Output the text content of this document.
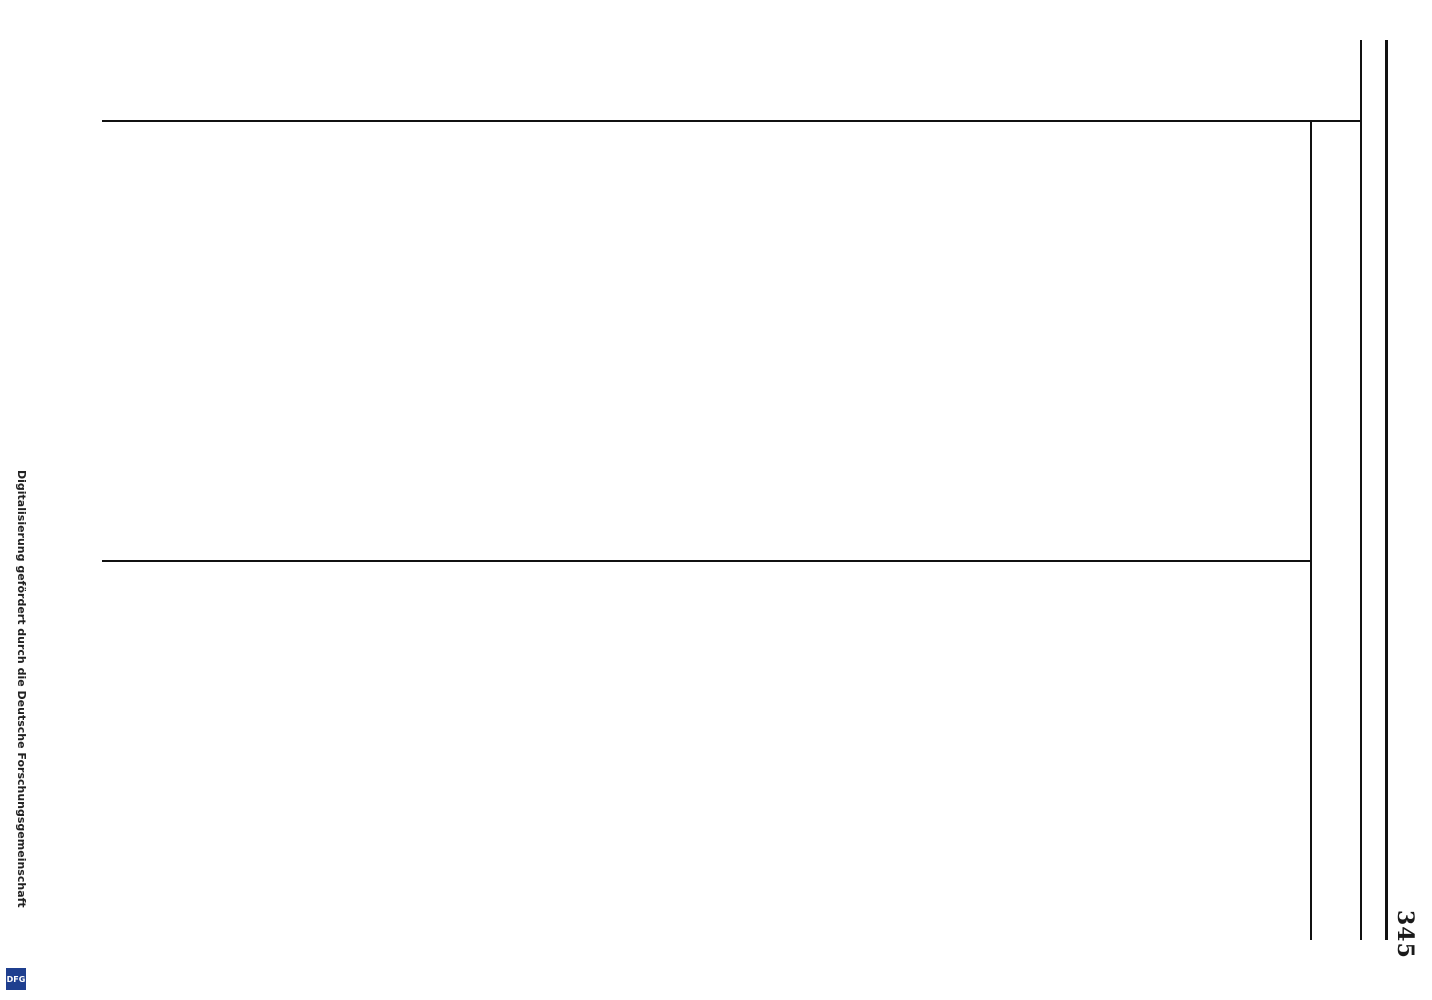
345
Digitalisierung gefördert durch die Deutsche Forschungsgemeinschaft
DFG
